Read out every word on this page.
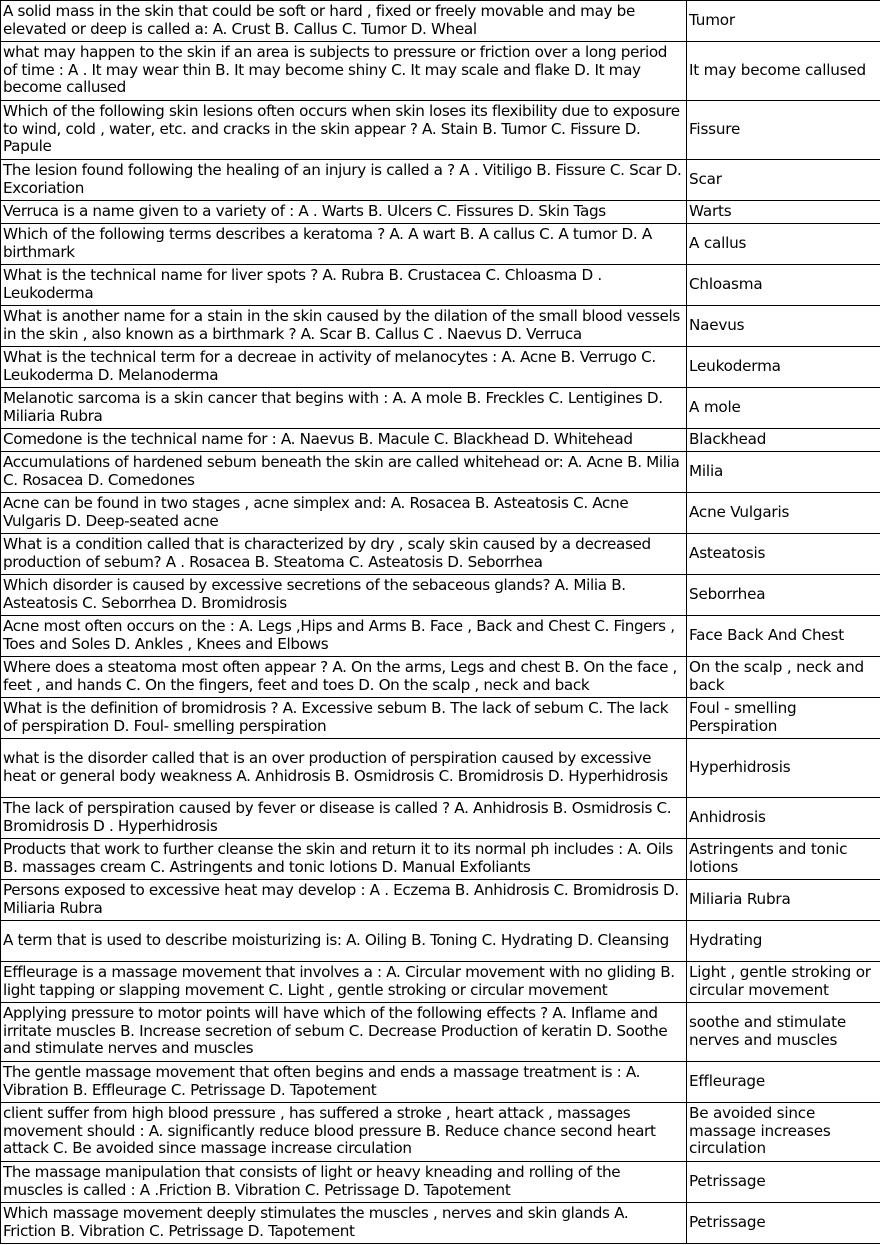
A solid mass in the skin that could be soft or hard , fixed or freely movable and may be elevated or deep is called a: A. Crust B. Callus C. Tumor D. Wheal	Tumor
what may happen to the skin if an area is subjects to pressure or friction over a long period of time : A . It may wear thin B. It may become shiny C. It may scale and flake D. It may become callused	It may become callused
Which of the following skin lesions often occurs when skin loses its flexibility due to exposure to wind, cold , water, etc. and cracks in the skin appear ? A. Stain B. Tumor C. Fissure D. Papule	Fissure
The lesion found following the healing of an injury is called a ? A . Vitiligo B. Fissure C. Scar D. Excoriation	Scar
Verruca is a name given to a variety of : A . Warts B. Ulcers C. Fissures D. Skin Tags	Warts
Which of the following terms describes a keratoma ? A. A wart B. A callus C. A tumor D. A birthmark	A callus
What is the technical name for liver spots ? A. Rubra B. Crustacea C. Chloasma D . Leukoderma	Chloasma
What is another name for a stain in the skin caused by the dilation of the small blood vessels in the skin , also known as a birthmark ? A. Scar B. Callus C . Naevus D. Verruca	Naevus
What is the technical term for a decreae in activity of melanocytes : A. Acne B. Verrugo C. Leukoderma D. Melanoderma	Leukoderma
Melanotic sarcoma is a skin cancer that begins with : A. A mole B. Freckles C. Lentigines D. Miliaria Rubra	A mole
Comedone is the technical name for : A. Naevus B. Macule C. Blackhead D. Whitehead	Blackhead
Accumulations of hardened sebum beneath the skin are called whitehead or: A. Acne B. Milia C. Rosacea D. Comedones	Milia
Acne can be found in two stages , acne simplex and: A. Rosacea B. Asteatosis C. Acne Vulgaris D. Deep-seated acne	Acne Vulgaris
What is a condition called that is characterized by dry , scaly skin caused by a decreased production of sebum? A . Rosacea B. Steatoma C. Asteatosis D. Seborrhea	Asteatosis
Which disorder is caused by excessive secretions of the sebaceous glands? A. Milia B. Asteatosis C. Seborrhea D. Bromidrosis	Seborrhea
Acne most often occurs on the : A. Legs ,Hips and Arms B. Face , Back and Chest C. Fingers , Toes and Soles D. Ankles , Knees and Elbows	Face Back And Chest
Where does a steatoma most often appear ? A. On the arms, Legs and chest B. On the face , feet , and hands C. On the fingers, feet and toes D. On the scalp , neck and back	On the scalp , neck and back
What is the definition of bromidrosis ? A. Excessive sebum B. The lack of sebum C. The lack of perspiration D. Foul- smelling perspiration	Foul - smelling Perspiration
what is the disorder called that is an over production of perspiration caused by excessive heat or general body weakness A. Anhidrosis B. Osmidrosis C. Bromidrosis D. Hyperhidrosis	Hyperhidrosis
The lack of perspiration caused by fever or disease is called ? A. Anhidrosis B. Osmidrosis C. Bromidrosis D . Hyperhidrosis	Anhidrosis
Products that work to further cleanse the skin and return it to its normal ph includes : A. Oils B. massages cream C. Astringents and tonic lotions D. Manual Exfoliants	Astringents and tonic lotions
Persons exposed to excessive heat may develop : A . Eczema B. Anhidrosis C. Bromidrosis D. Miliaria Rubra	Miliaria Rubra
A term that is used to describe moisturizing is: A. Oiling B. Toning C. Hydrating D. Cleansing	Hydrating
Effleurage is a massage movement that involves a : A. Circular movement with no gliding B. light tapping or slapping movement C. Light , gentle stroking or circular movement	Light , gentle stroking or circular movement
Applying pressure to motor points will have which of the following effects ? A. Inflame and irritate muscles B. Increase secretion of sebum C. Decrease Production of keratin D. Soothe and stimulate nerves and muscles	soothe and stimulate nerves and muscles
The gentle massage movement that often begins and ends a massage treatment is : A. Vibration B. Effleurage C. Petrissage D. Tapotement	Effleurage
client suffer from high blood pressure , has suffered a stroke , heart attack , massages movement should : A. significantly reduce blood pressure B. Reduce chance second heart attack C. Be avoided since massage increase circulation	Be avoided since massage increases circulation
The massage manipulation that consists of light or heavy kneading and rolling of the muscles is called : A .Friction B. Vibration C. Petrissage D. Tapotement	Petrissage
Which massage movement deeply stimulates the muscles , nerves and skin glands A. Friction B. Vibration C. Petrissage D. Tapotement	Petrissage
